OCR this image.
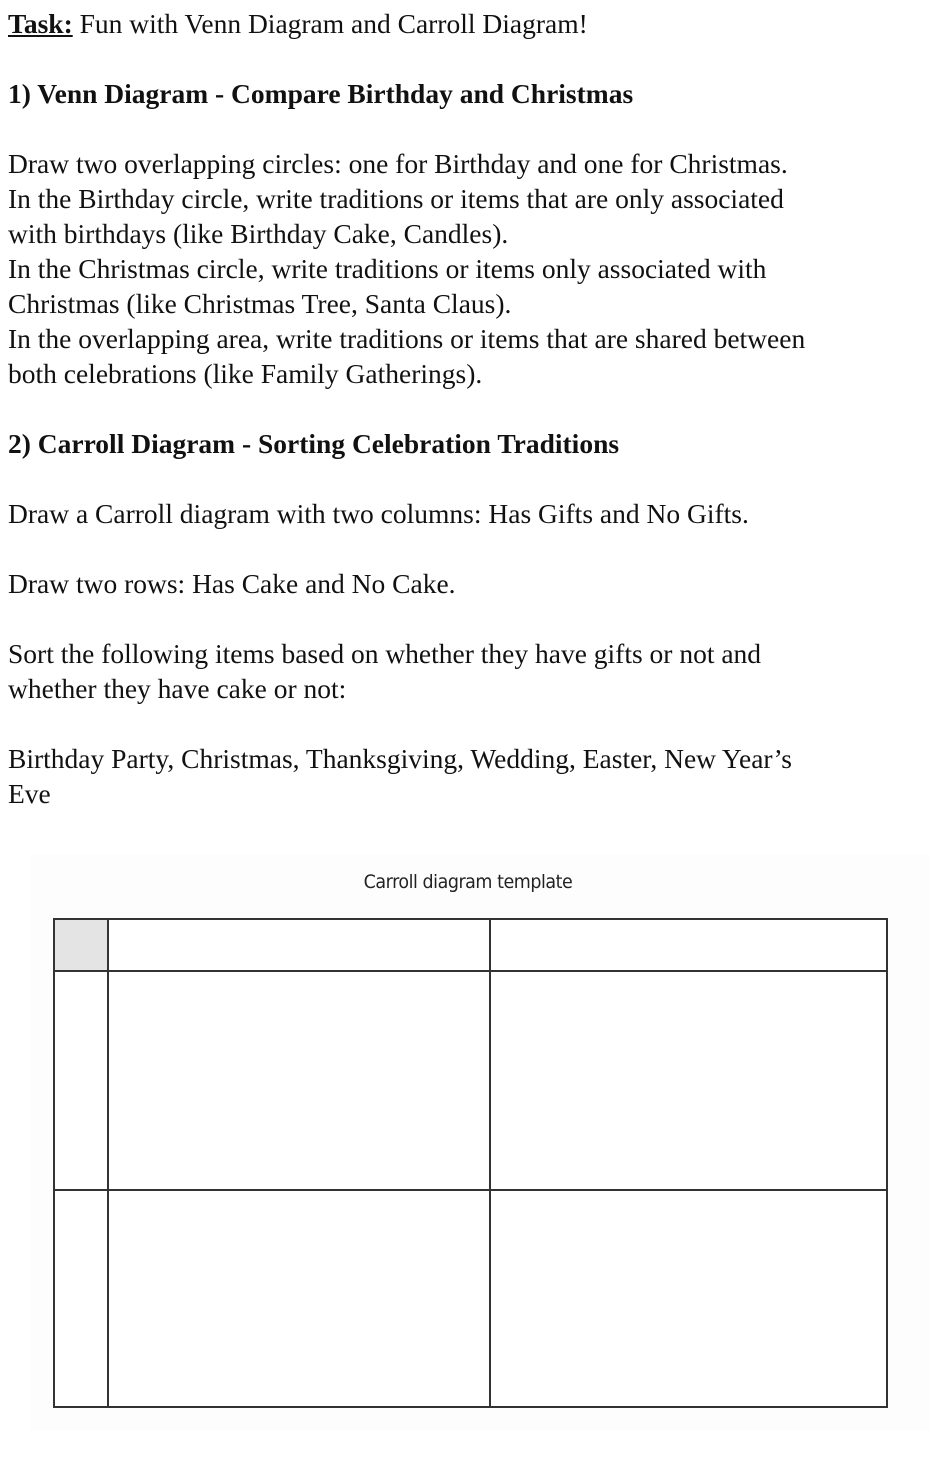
Task: Fun with Venn Diagram and Carroll Diagram!
1) Venn Diagram - Compare Birthday and Christmas
Draw two overlapping circles: one for Birthday and one for Christmas.
In the Birthday circle, write traditions or items that are only associated
with birthdays (like Birthday Cake, Candles).
In the Christmas circle, write traditions or items only associated with
Christmas (like Christmas Tree, Santa Claus).
In the overlapping area, write traditions or items that are shared between
both celebrations (like Family Gatherings).
2) Carroll Diagram - Sorting Celebration Traditions
Draw a Carroll diagram with two columns: Has Gifts and No Gifts.
Draw two rows: Has Cake and No Cake.
Sort the following items based on whether they have gifts or not and
whether they have cake or not:
Birthday Party, Christmas, Thanksgiving, Wedding, Easter, New Year’s
Eve
Carroll diagram template
